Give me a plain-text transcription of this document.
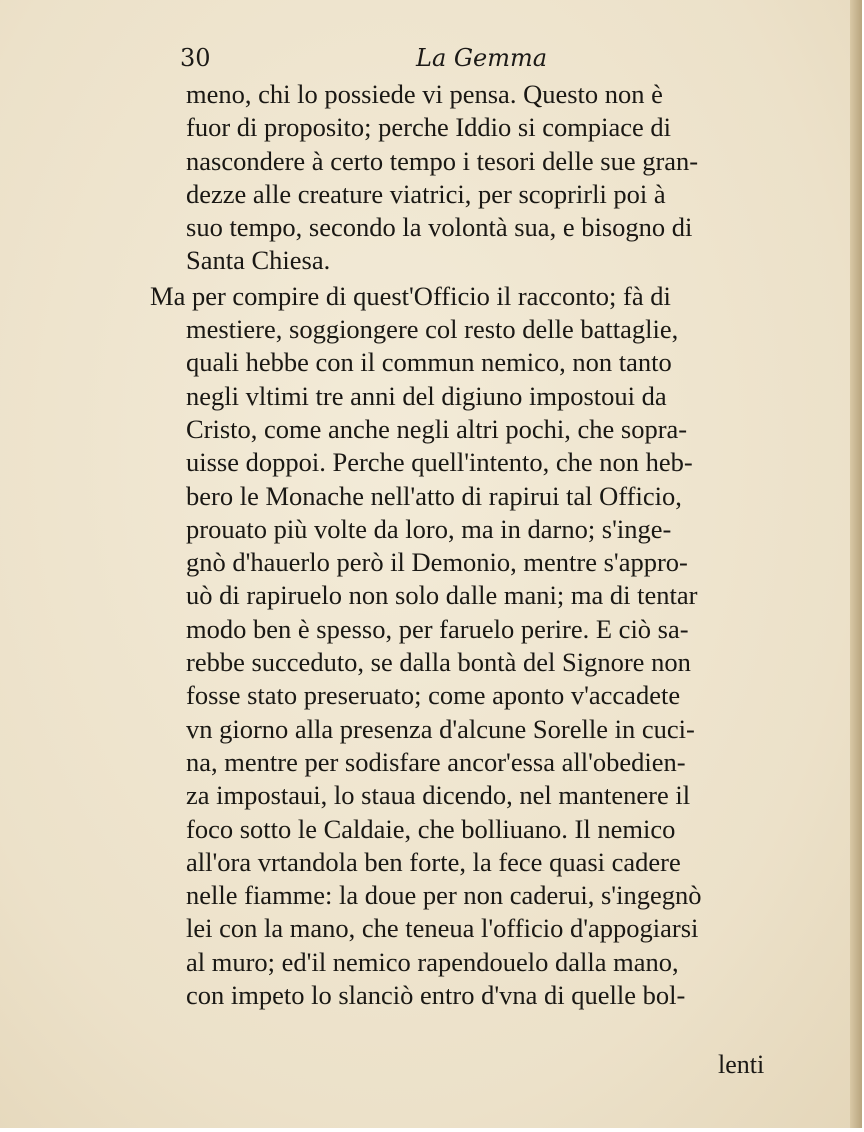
30	La Gemma
meno, chi lo possiede vi pensa. Questo non è
fuor di proposito; perche Iddio si compiace di
nascondere à certo tempo i tesori delle sue gran-
dezze alle creature viatrici, per scoprirli poi à
suo tempo, secondo la volontà sua, e bisogno di
Santa Chiesa.
Ma per compire di quest'Officio il racconto; fà di
mestiere, soggiongere col resto delle battaglie,
quali hebbe con il commun nemico, non tanto
negli vltimi tre anni del digiuno impostoui da
Cristo, come anche negli altri pochi, che sopra-
uisse doppoi. Perche quell'intento, che non heb-
bero le Monache nell'atto di rapirui tal Officio,
prouato più volte da loro, ma in darno; s'inge-
gnò d'hauerlo però il Demonio, mentre s'appro-
uò di rapiruelo non solo dalle mani; ma di tentar
modo ben è spesso, per faruelo perire. E ciò sa-
rebbe succeduto, se dalla bontà del Signore non
fosse stato preseruato; come aponto v'accadete
vn giorno alla presenza d'alcune Sorelle in cuci-
na, mentre per sodisfare ancor'essa all'obedien-
za impostaui, lo staua dicendo, nel mantenere il
foco sotto le Caldaie, che bolliuano. Il nemico
all'ora vrtandola ben forte, la fece quasi cadere
nelle fiamme: la doue per non caderui, s'ingegnò
lei con la mano, che teneua l'officio d'appogiarsi
al muro; ed'il nemico rapendouelo dalla mano,
con impeto lo slanciò entro d'vna di quelle bol-
lenti
